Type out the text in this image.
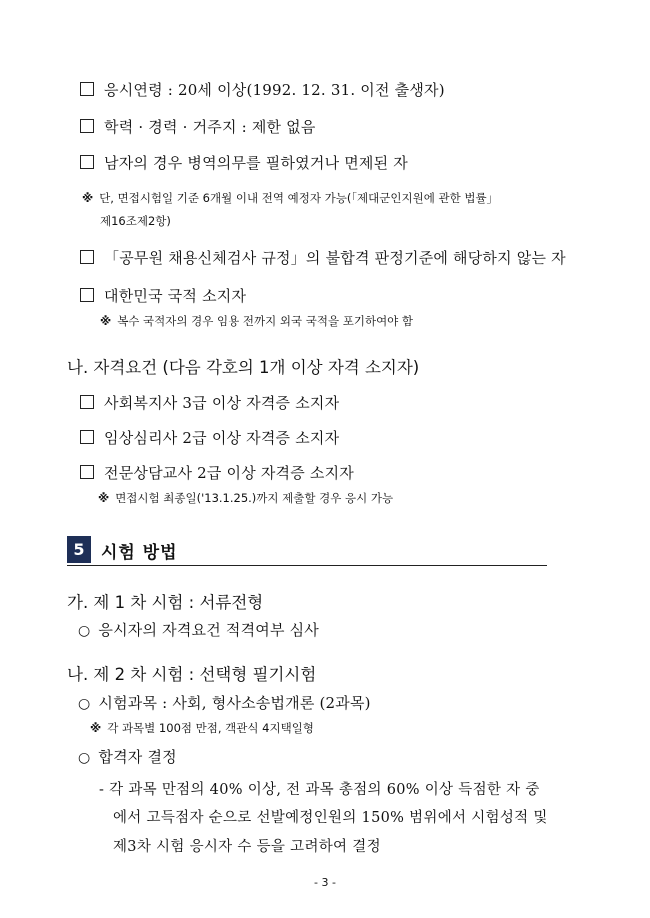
응시연령 : 20세 이상(1992. 12. 31. 이전 출생자)
학력 · 경력 · 거주지 : 제한 없음
남자의 경우 병역의무를 필하였거나 면제된 자
※ 단, 면접시험일 기준 6개월 이내 전역 예정자 가능(「제대군인지원에 관한 법률」
제16조제2항)
「공무원 채용신체검사 규정」의 불합격 판정기준에 해당하지 않는 자
대한민국 국적 소지자
※ 복수 국적자의 경우 임용 전까지 외국 국적을 포기하여야 함
나. 자격요건 (다음 각호의 1개 이상 자격 소지자)
사회복지사 3급 이상 자격증 소지자
임상심리사 2급 이상 자격증 소지자
전문상담교사 2급 이상 자격증 소지자
※ 면접시험 최종일('13.1.25.)까지 제출할 경우 응시 가능
5 시험 방법
가. 제 1 차 시험 : 서류전형
○ 응시자의 자격요건 적격여부 심사
나. 제 2 차 시험 : 선택형 필기시험
○ 시험과목 : 사회, 형사소송법개론 (2과목)
※ 각 과목별 100점 만점, 객관식 4지택일형
○ 합격자 결정
- 각 과목 만점의 40% 이상, 전 과목 총점의 60% 이상 득점한 자 중
에서 고득점자 순으로 선발예정인원의 150% 범위에서 시험성적 및
제3차 시험 응시자 수 등을 고려하여 결정
- 3 -
